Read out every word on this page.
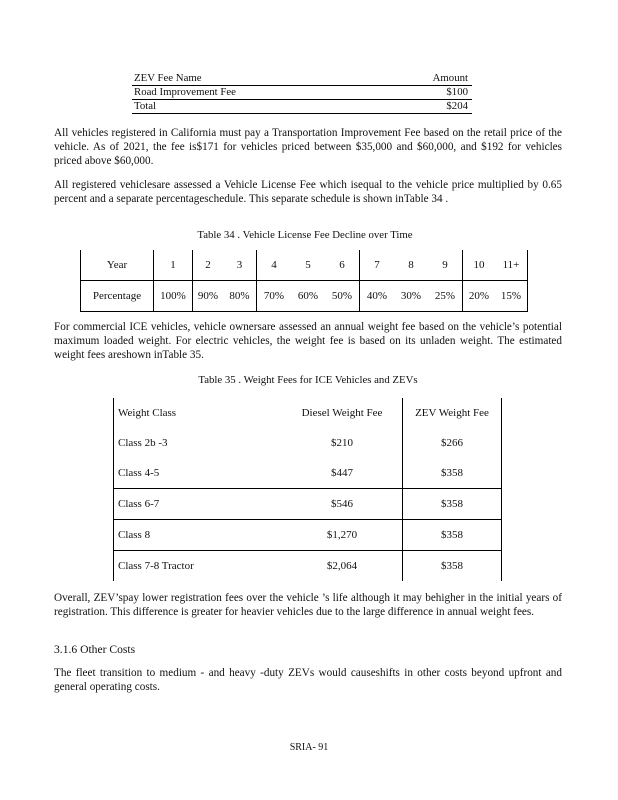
ZEV Fee Name	Amount
Road Improvement Fee	$100
Total	$204

All vehicles registered in California must pay a Transportation Improvement Fee based on the retail price of the vehicle. As of 2021, the fee is$171 for vehicles priced between $35,000 and $60,000, and $192 for vehicles priced above $60,000.

All registered vehiclesare assessed a Vehicle License Fee which isequal to the vehicle price multiplied by 0.65 percent and a separate percentageschedule. This separate schedule is shown inTable 34 .

Table 34 . Vehicle License Fee Decline over Time
Year	1	2	3	4	5	6	7	8	9	10	11+
Percentage	100%	90%	80%	70%	60%	50%	40%	30%	25%	20%	15%

For commercial ICE vehicles, vehicle ownersare assessed an annual weight fee based on the vehicle’s potential maximum loaded weight. For electric vehicles, the weight fee is based on its unladen weight. The estimated weight fees areshown inTable 35.

Table 35 . Weight Fees for ICE Vehicles and ZEVs
Weight Class	Diesel Weight Fee	ZEV Weight Fee
Class 2b -3	$210	$266
Class 4-5	$447	$358
Class 6-7	$546	$358
Class 8	$1,270	$358
Class 7-8 Tractor	$2,064	$358

Overall, ZEV’spay lower registration fees over the vehicle ’s life although it may behigher in the initial years of registration. This difference is greater for heavier vehicles due to the large difference in annual weight fees.

3.1.6 Other Costs

The fleet transition to medium - and heavy -duty ZEVs would causeshifts in other costs beyond upfront and general operating costs.

SRIA- 91
